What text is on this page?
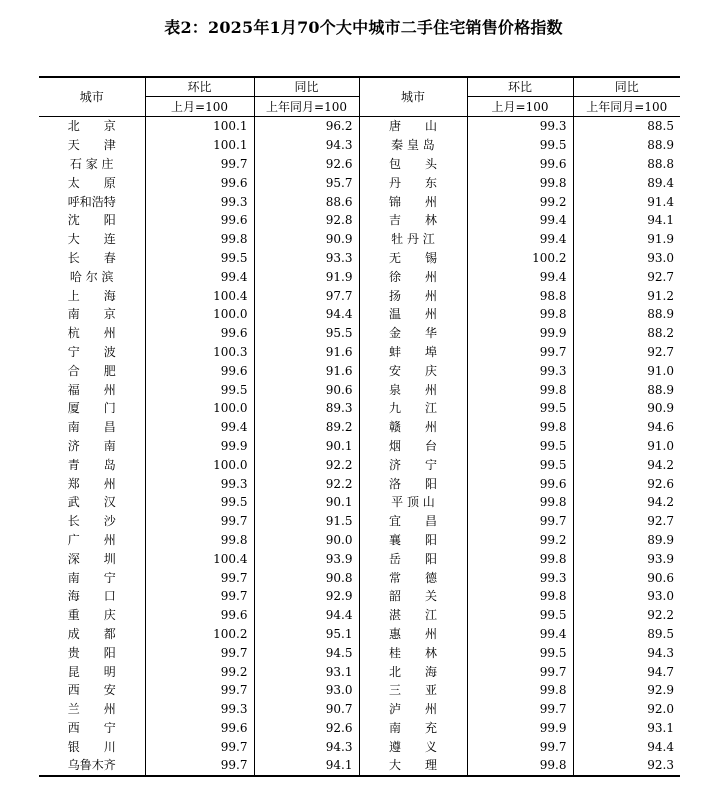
表2：2025年1月70个大中城市二手住宅销售价格指数
城市	环比	同比	城市	环比	同比
	上月=100	上年同月=100		上月=100	上年同月=100
北　　京	100.1	96.2	唐　　山	99.3	88.5
天　　津	100.1	94.3	秦 皇 岛	99.5	88.9
石 家 庄	99.7	92.6	包　　头	99.6	88.8
太　　原	99.6	95.7	丹　　东	99.8	89.4
呼和浩特	99.3	88.6	锦　　州	99.2	91.4
沈　　阳	99.6	92.8	吉　　林	99.4	94.1
大　　连	99.8	90.9	牡 丹 江	99.4	91.9
长　　春	99.5	93.3	无　　锡	100.2	93.0
哈 尔 滨	99.4	91.9	徐　　州	99.4	92.7
上　　海	100.4	97.7	扬　　州	98.8	91.2
南　　京	100.0	94.4	温　　州	99.8	88.9
杭　　州	99.6	95.5	金　　华	99.9	88.2
宁　　波	100.3	91.6	蚌　　埠	99.7	92.7
合　　肥	99.6	91.6	安　　庆	99.3	91.0
福　　州	99.5	90.6	泉　　州	99.8	88.9
厦　　门	100.0	89.3	九　　江	99.5	90.9
南　　昌	99.4	89.2	赣　　州	99.8	94.6
济　　南	99.9	90.1	烟　　台	99.5	91.0
青　　岛	100.0	92.2	济　　宁	99.5	94.2
郑　　州	99.3	92.2	洛　　阳	99.6	92.6
武　　汉	99.5	90.1	平 顶 山	99.8	94.2
长　　沙	99.7	91.5	宜　　昌	99.7	92.7
广　　州	99.8	90.0	襄　　阳	99.2	89.9
深　　圳	100.4	93.9	岳　　阳	99.8	93.9
南　　宁	99.7	90.8	常　　德	99.3	90.6
海　　口	99.7	92.9	韶　　关	99.8	93.0
重　　庆	99.6	94.4	湛　　江	99.5	92.2
成　　都	100.2	95.1	惠　　州	99.4	89.5
贵　　阳	99.7	94.5	桂　　林	99.5	94.3
昆　　明	99.2	93.1	北　　海	99.7	94.7
西　　安	99.7	93.0	三　　亚	99.8	92.9
兰　　州	99.3	90.7	泸　　州	99.7	92.0
西　　宁	99.6	92.6	南　　充	99.9	93.1
银　　川	99.7	94.3	遵　　义	99.7	94.4
乌鲁木齐	99.7	94.1	大　　理	99.8	92.3
